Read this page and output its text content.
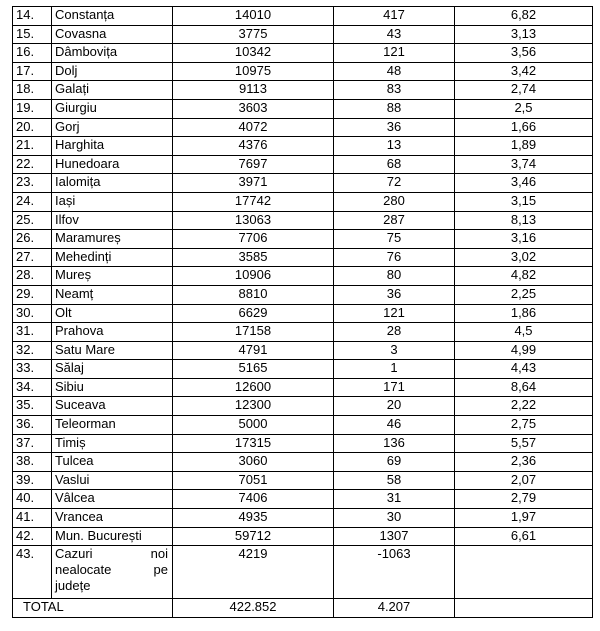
14.	Constanța	14010	417	6,82
15.	Covasna	3775	43	3,13
16.	Dâmbovița	10342	121	3,56
17.	Dolj	10975	48	3,42
18.	Galați	9113	83	2,74
19.	Giurgiu	3603	88	2,5
20.	Gorj	4072	36	1,66
21.	Harghita	4376	13	1,89
22.	Hunedoara	7697	68	3,74
23.	Ialomița	3971	72	3,46
24.	Iași	17742	280	3,15
25.	Ilfov	13063	287	8,13
26.	Maramureș	7706	75	3,16
27.	Mehedinți	3585	76	3,02
28.	Mureș	10906	80	4,82
29.	Neamț	8810	36	2,25
30.	Olt	6629	121	1,86
31.	Prahova	17158	28	4,5
32.	Satu Mare	4791	3	4,99
33.	Sălaj	5165	1	4,43
34.	Sibiu	12600	171	8,64
35.	Suceava	12300	20	2,22
36.	Teleorman	5000	46	2,75
37.	Timiș	17315	136	5,57
38.	Tulcea	3060	69	2,36
39.	Vaslui	7051	58	2,07
40.	Vâlcea	7406	31	2,79
41.	Vrancea	4935	30	1,97
42.	Mun. București	59712	1307	6,61
43.	Cazuri noi nealocate pe județe	4219	-1063	
TOTAL		422.852	4.207	
